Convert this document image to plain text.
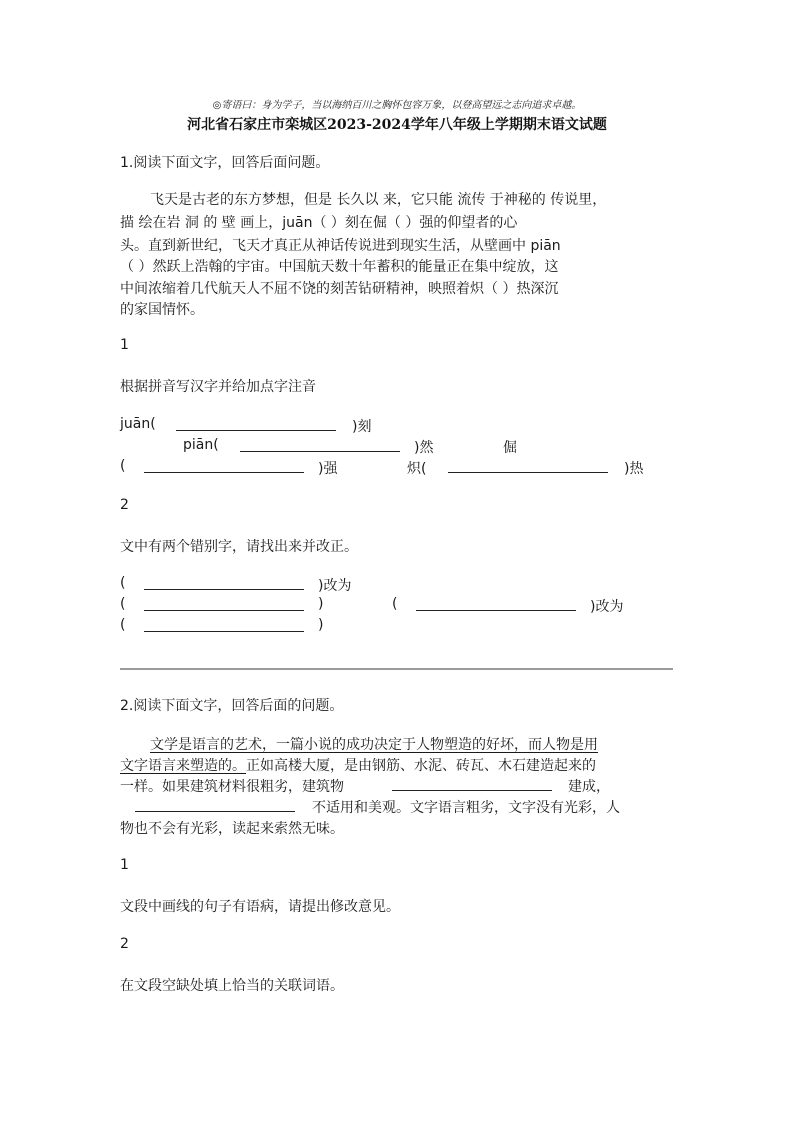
◎寄语曰：身为学子，当以海纳百川之胸怀包容万象，以登高望远之志向追求卓越。
河北省石家庄市栾城区2023-2024学年八年级上学期期末语文试题
1.阅读下面文字，回答后面问题。
飞天是古老的东方梦想，但是 长久以 来，它只能 流传 于神秘的 传说里，
描 绘在岩 洞 的 壁 画上，juān（ ）刻在倔（ ）强的仰望者的心
头。直到新世纪，飞天才真正从神话传说进到现实生活，从壁画中 piān
（ ）然跃上浩翰的宇宙。中国航天数十年蓄积的能量正在集中绽放，这
中间浓缩着几代航天人不屈不饶的刻苦钻研精神，映照着炽（ ）热深沉
的家国情怀。
1
根据拼音写汉字并给加点字注音
juān(	)刻
piān(	)然	倔
(	)强	炽(	)热
2
文中有两个错别字，请找出来并改正。
(	)改为
(	)	(	)改为
(	)
2.阅读下面文字，回答后面的问题。
文学是语言的艺术，一篇小说的成功决定于人物塑造的好坏，而人物是用
文字语言来塑造的。正如高楼大厦，是由钢筋、水泥、砖瓦、木石建造起来的
一样。如果建筑材料很粗劣，建筑物	建成，
不适用和美观。文字语言粗劣，文字没有光彩，人
物也不会有光彩，读起来索然无味。
1
文段中画线的句子有语病，请提出修改意见。
2
在文段空缺处填上恰当的关联词语。
